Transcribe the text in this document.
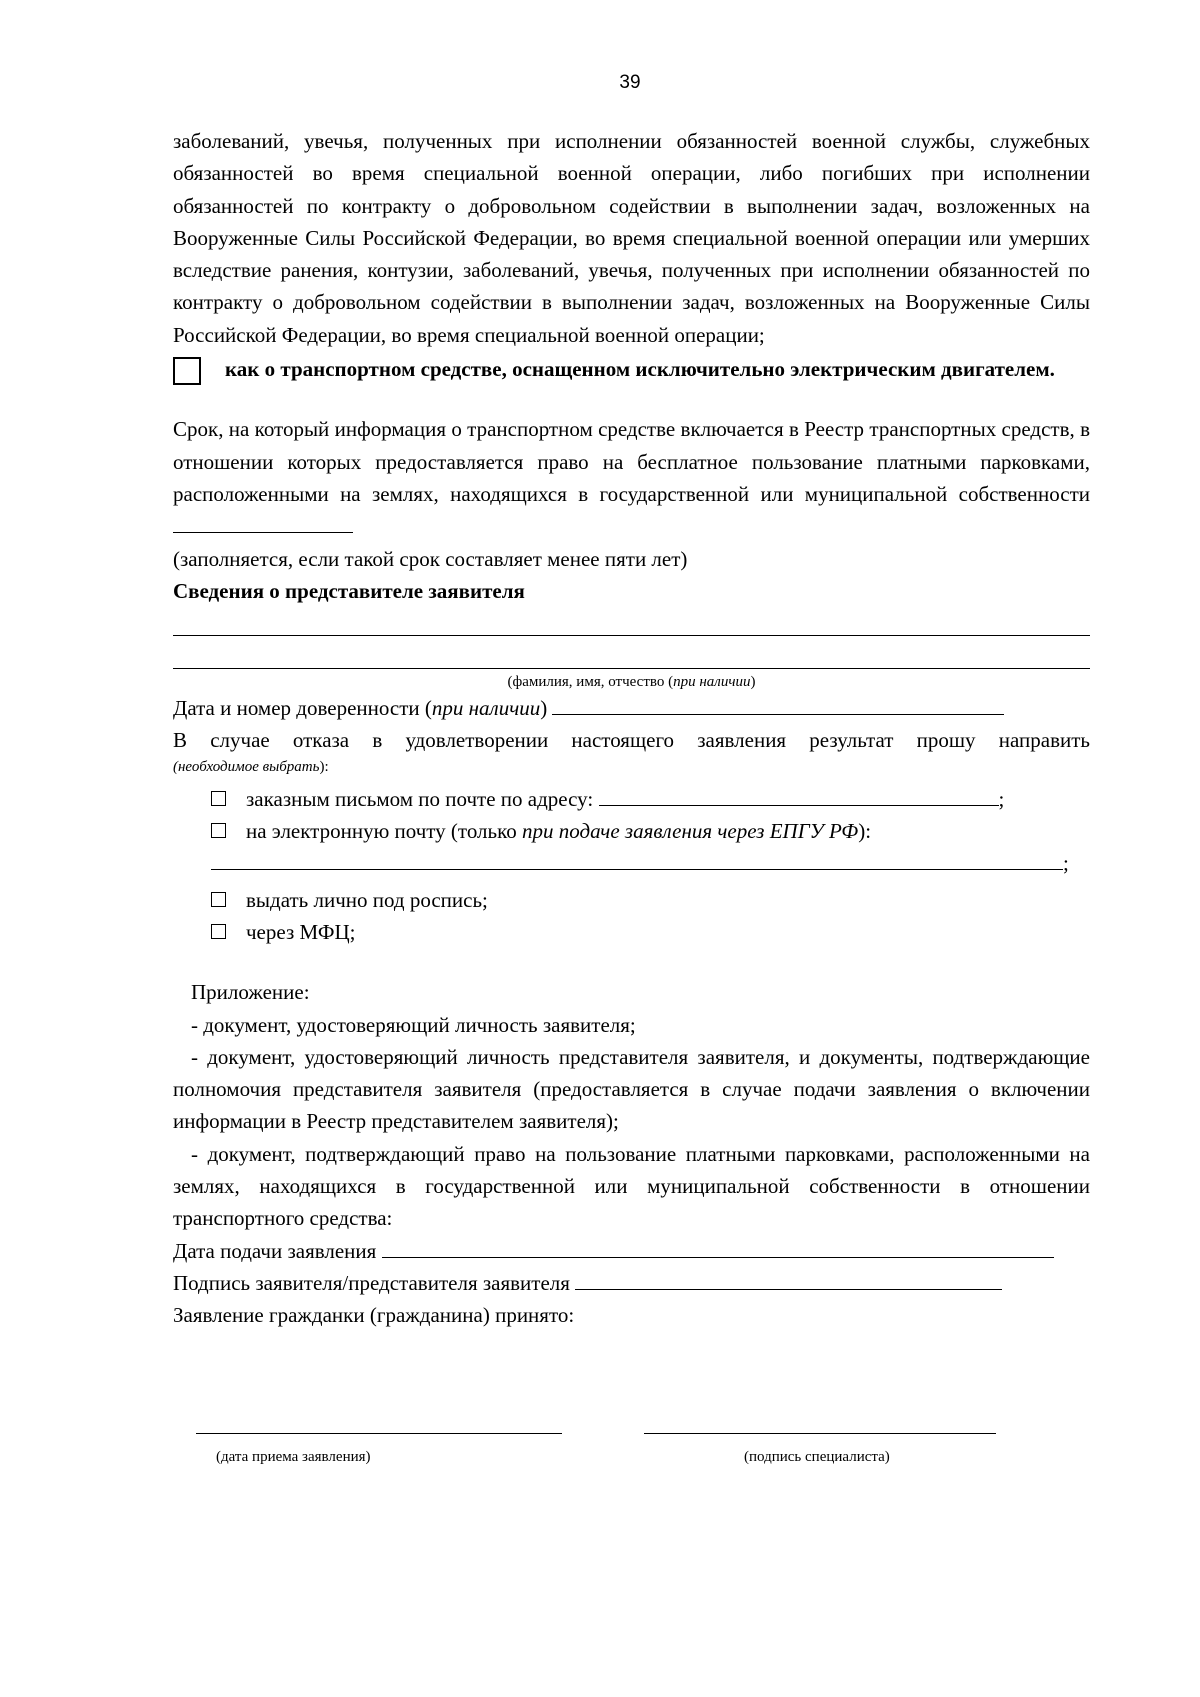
39

заболеваний, увечья, полученных при исполнении обязанностей военной службы, служебных обязанностей во время специальной военной операции, либо погибших при исполнении обязанностей по контракту о добровольном содействии в выполнении задач, возложенных на Вооруженные Силы Российской Федерации, во время специальной военной операции или умерших вследствие ранения, контузии, заболеваний, увечья, полученных при исполнении обязанностей по контракту о добровольном содействии в выполнении задач, возложенных на Вооруженные Силы Российской Федерации, во время специальной военной операции;

как о транспортном средстве, оснащенном исключительно электрическим двигателем.

Срок, на который информация о транспортном средстве включается в Реестр транспортных средств, в отношении которых предоставляется право на бесплатное пользование платными парковками, расположенными на землях, находящихся в государственной или муниципальной собственности

(заполняется, если такой срок составляет менее пяти лет)

Сведения о представителе заявителя

(фамилия, имя, отчество (при наличии)

Дата и номер доверенности (при наличии)

В случае отказа в удовлетворении настоящего заявления результат прошу направить

(необходимое выбрать):

заказным письмом по почте по адресу:	;

на электронную почту (только при подаче заявления через ЕПГУ РФ):

;

выдать лично под роспись;

через МФЦ;

Приложение:

- документ, удостоверяющий личность заявителя;

- документ, удостоверяющий личность представителя заявителя, и документы, подтверждающие полномочия представителя заявителя (предоставляется в случае подачи заявления о включении информации в Реестр представителем заявителя);

- документ, подтверждающий право на пользование платными парковками, расположенными на землях, находящихся в государственной или муниципальной собственности в отношении транспортного средства:

Дата подачи заявления

Подпись заявителя/представителя заявителя

Заявление гражданки (гражданина) принято:

(дата приема заявления)	(подпись специалиста)
